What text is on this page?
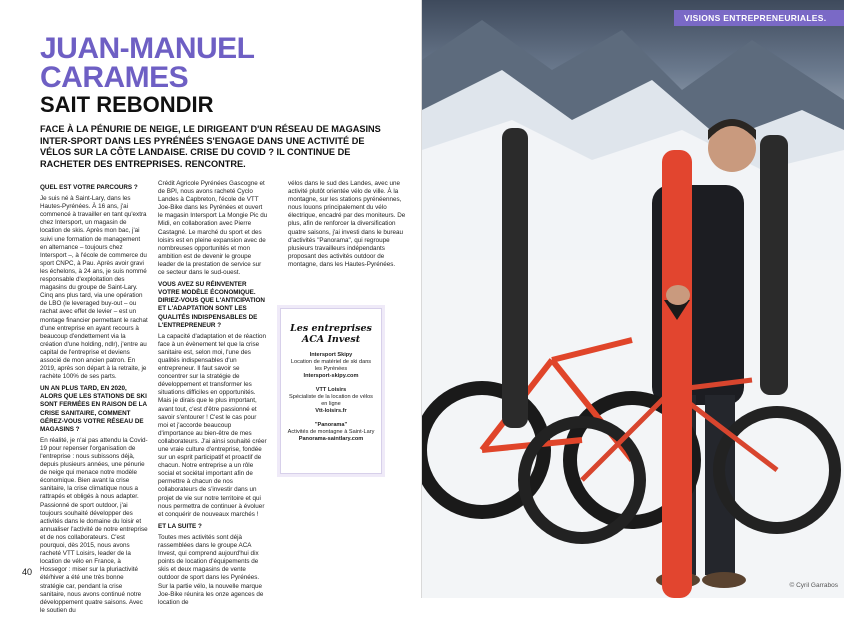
JUAN-MANUEL
CARAMES
SAIT REBONDIR
FACE À LA PÉNURIE DE NEIGE, LE DIRIGEANT D'UN RÉSEAU DE MAGASINS INTER-SPORT DANS LES PYRÉNÉES S'ENGAGE DANS UNE ACTIVITÉ DE VÉLOS SUR LA CÔTE LANDAISE. CRISE DU COVID ? IL CONTINUE DE RACHETER DES ENTREPRISES. RENCONTRE.

QUEL EST VOTRE PARCOURS ?

Je suis né à Saint-Lary, dans les Hautes-Pyrénées. À 16 ans, j'ai commencé à travailler en tant qu'extra chez Intersport, un magasin de location de skis. Après mon bac, j'ai suivi une formation de management en alternance – toujours chez Intersport –, à l'école de commerce du sport CNPC, à Pau. Après avoir gravi les échelons, à 24 ans, je suis nommé responsable d'exploitation des magasins du groupe de Saint-Lary. Cinq ans plus tard, via une opération de LBO (le leveraged buy-out – ou rachat avec effet de levier – est un montage financier permettant le rachat d'une entreprise en ayant recours à beaucoup d'endettement via la création d'une holding, ndlr), j'entre au capital de l'entreprise et deviens associé de mon ancien patron. En 2019, après son départ à la retraite, je rachète 100% de ses parts.

UN AN PLUS TARD, EN 2020, ALORS QUE LES STATIONS DE SKI SONT FERMÉES EN RAISON DE LA CRISE SANITAIRE, COMMENT GÉREZ-VOUS VOTRE RÉSEAU DE MAGASINS ?

En réalité, je n'ai pas attendu la Covid-19 pour repenser l'organisation de l'entreprise : nous subissons déjà, depuis plusieurs années, une pénurie de neige qui menace notre modèle économique. Bien avant la crise sanitaire, la crise climatique nous a rattrapés et obligés à nous adapter. Passionné de sport outdoor, j'ai toujours souhaité développer des activités dans le domaine du loisir et annualiser l'activité de notre entreprise et de nos collaborateurs. C'est pourquoi, dès 2015, nous avons racheté VTT Loisirs, leader de la location de vélo en France, à Hossegor : miser sur la pluriactivité été/hiver a été une très bonne stratégie car, pendant la crise sanitaire, nous avons continué notre développement quatre saisons. Avec le soutien du

Crédit Agricole Pyrénées Gascogne et de BPI, nous avons racheté Cyclo Landes à Capbreton, l'école de VTT Joe-Bike dans les Pyrénées et ouvert le magasin Intersport La Mongie Pic du Midi, en collaboration avec Pierre Castagné. Le marché du sport et des loisirs est en pleine expansion avec de nombreuses opportunités et mon ambition est de devenir le groupe leader de la prestation de service sur ce secteur dans le sud-ouest.

VOUS AVEZ SU RÉINVENTER VOTRE MODÈLE ÉCONOMIQUE. DIRIEZ-VOUS QUE L'ANTICIPATION ET L'ADAPTATION SONT LES QUALITÉS INDISPENSABLES DE L'ENTREPRENEUR ?

La capacité d'adaptation et de réaction face à un évènement tel que la crise sanitaire est, selon moi, l'une des qualités indispensables d'un entrepreneur. Il faut savoir se concentrer sur la stratégie de développement et transformer les situations difficiles en opportunités. Mais je dirais que le plus important, avant tout, c'est d'être passionné et savoir s'entourer ! C'est le cas pour moi et j'accorde beaucoup d'importance au bien-être de mes collaborateurs. J'ai ainsi souhaité créer une vraie culture d'entreprise, fondée sur un esprit participatif et proactif de chacun. Notre entreprise a un rôle social et sociétal important afin de permettre à chacun de nos collaborateurs de s'investir dans un projet de vie sur notre territoire et qui nous permettra de continuer à évoluer et conquérir de nouveaux marchés !

ET LA SUITE ?

Toutes mes activités sont déjà rassemblées dans le groupe ACA Invest, qui comprend aujourd'hui dix points de location d'équipements de skis et deux magasins de vente outdoor de sport dans les Pyrénées. Sur la partie vélo, la nouvelle marque Joe-Bike réunira les onze agences de location de

vélos dans le sud des Landes, avec une activité plutôt orientée vélo de ville. À la montagne, sur les stations pyrénéennes, nous louons principalement du vélo électrique, encadré par des moniteurs. De plus, afin de renforcer la diversification quatre saisons, j'ai investi dans le bureau d'activités "Panorama", qui regroupe plusieurs travailleurs indépendants proposant des activités outdoor de montagne, dans les Hautes-Pyrénées.

Les entreprises
ACA Invest
Intersport Skipy
Location de matériel de ski dans les Pyrénées
Intersport-skipy.com
VTT Loisirs
Spécialiste de la location de vélos en ligne
Vtt-loisirs.fr
"Panorama"
Activités de montagne à Saint-Lary
Panorama-saintlary.com
40
VISIONS ENTREPRENEURIALES.
© Cyril Garrabos
